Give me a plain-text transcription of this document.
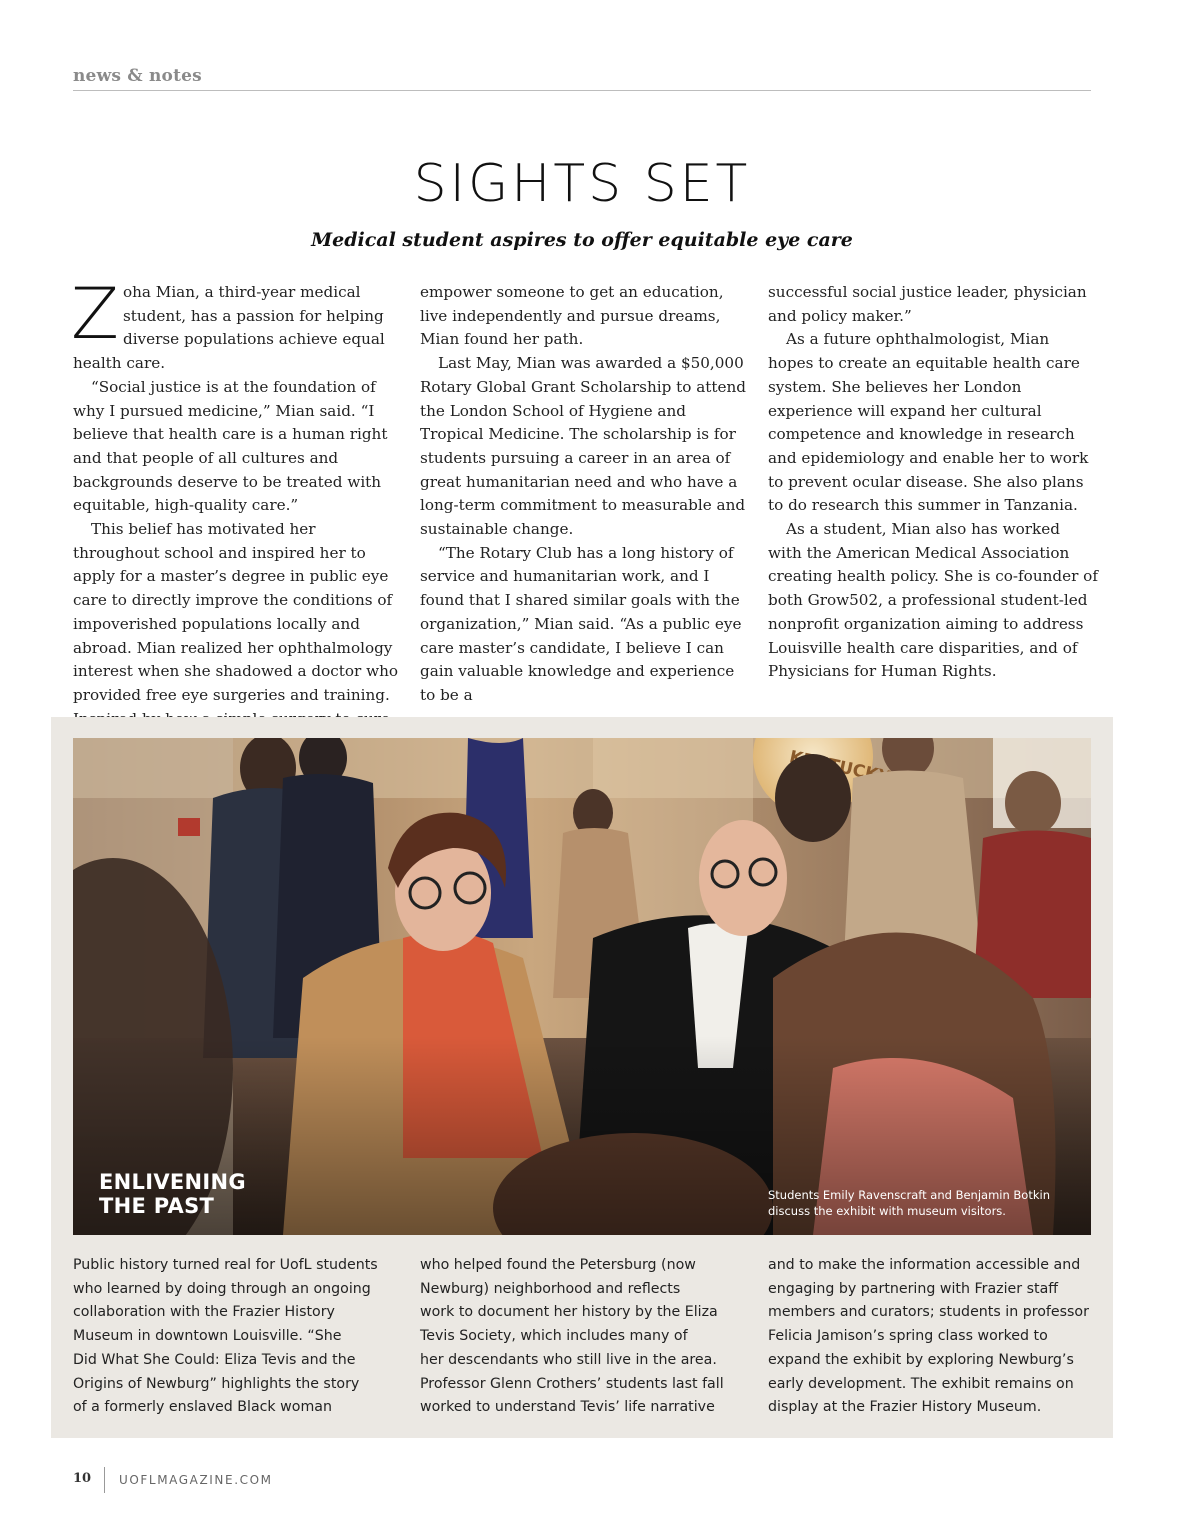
news & notes
SIGHTS SET
Medical student aspires to offer equitable eye care

Zoha Mian, a third-year medical student, has a passion for helping diverse populations achieve equal health care.

“Social justice is at the foundation of why I pursued medicine,” Mian said. “I believe that health care is a human right and that people of all cultures and backgrounds deserve to be treated with equitable, high-quality care.”

This belief has motivated her throughout school and inspired her to apply for a master’s degree in public eye care to directly improve the conditions of impoverished populations locally and abroad. Mian realized her ophthalmology interest when she shadowed a doctor who provided free eye surgeries and training.

empower someone to get an education, live independently and pursue dreams, Mian found her path.

Last May, Mian was awarded a $50,000 Rotary Global Grant Scholarship to attend the London School of Hygiene and Tropical Medicine. The scholarship is for students pursuing a career in an area of great humanitarian need and who have a long-term commitment to measurable and sustainable change.

“The Rotary Club has a long history of service and humanitarian work, and I found that I shared similar goals with the organization,” Mian said. “As a public eye care master’s candidate, I believe I can gain valuable knowledge and experience to be a

successful social justice leader, physician and policy maker.”

As a future ophthalmologist, Mian hopes to create an equitable health care system. She believes her London experience will expand her cultural competence and knowledge in research and epidemiology and enable her to work to prevent ocular disease. She also plans to do research this summer in Tanzania.

As a student, Mian also has worked with the American Medical Association creating health policy. She is co-founder of both Grow502, a professional student-led nonprofit organization aiming to address Louisville health care disparities, and of Physicians for Human Rights.

ENLIVENING
THE PAST	Students Emily Ravenscraft and Benjamin Botkin
discuss the exhibit with museum visitors.
Public history turned real for UofL students
who learned by doing through an ongoing
collaboration with the Frazier History
Museum in downtown Louisville. “She
Did What She Could: Eliza Tevis and the
Origins of Newburg” highlights the story
of a formerly enslaved Black woman
who helped found the Petersburg (now
Newburg) neighborhood and reflects
work to document her history by the Eliza
Tevis Society, which includes many of
her descendants who still live in the area.
Professor Glenn Crothers’ students last fall
worked to understand Tevis’ life narrative
and to make the information accessible and
engaging by partnering with Frazier staff
members and curators; students in professor
Felicia Jamison’s spring class worked to
expand the exhibit by exploring Newburg’s
early development. The exhibit remains on
display at the Frazier History Museum.
10 UOFLMAGAZINE.COM
